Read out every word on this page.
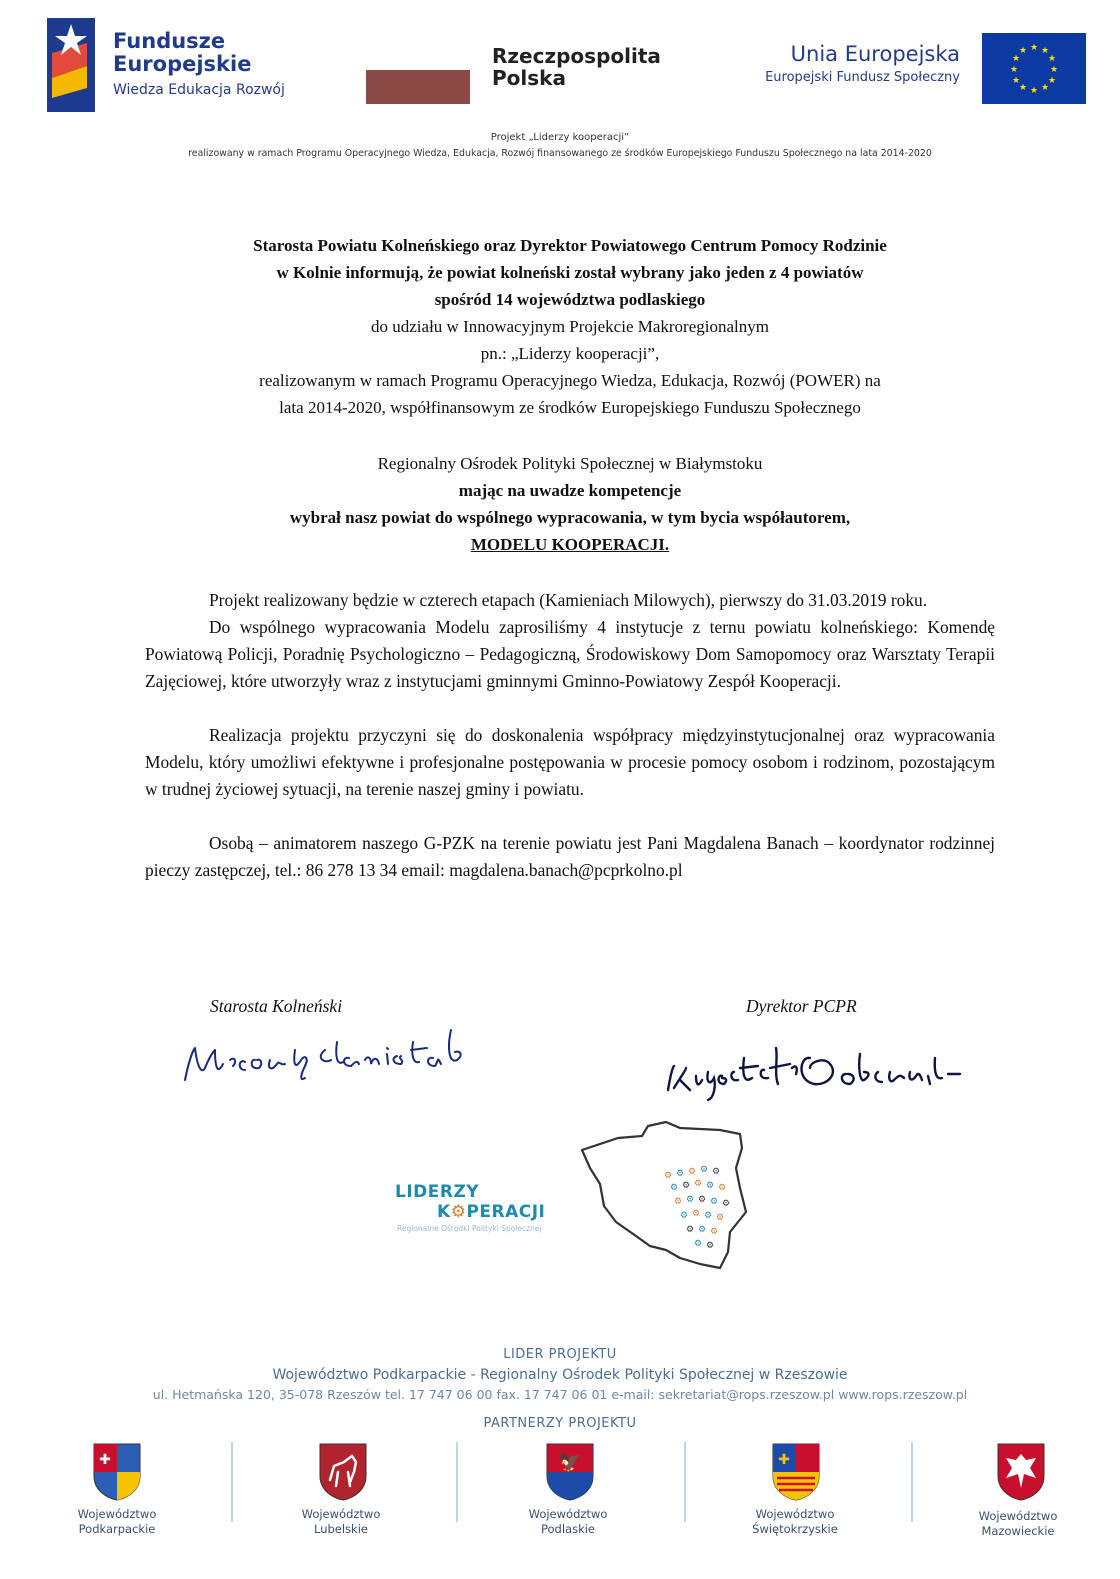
Fundusze
Europejskie
Wiedza Edukacja Rozwój
Rzeczpospolita
Polska
Unia Europejska
Europejski Fundusz Społeczny
★ ★
★
★
★
★
★
★
★
★
★
★
Projekt „Liderzy kooperacji”
realizowany w ramach Programu Operacyjnego Wiedza, Edukacja, Rozwój finansowanego ze środków Europejskiego Funduszu Społecznego na lata 2014-2020
Starosta Powiatu Kolneńskiego oraz Dyrektor Powiatowego Centrum Pomocy Rodzinie
w Kolnie informują, że powiat kolneński został wybrany jako jeden z 4 powiatów
spośród 14 województwa podlaskiego
do udziału w Innowacyjnym Projekcie Makroregionalnym
pn.: „Liderzy kooperacji”,
realizowanym w ramach Programu Operacyjnego Wiedza, Edukacja, Rozwój (POWER) na
lata 2014-2020, współfinansowym ze środków Europejskiego Funduszu Społecznego
Regionalny Ośrodek Polityki Społecznej w Białymstoku
mając na uwadze kompetencje
wybrał nasz powiat do wspólnego wypracowania, w tym bycia współautorem,
MODELU KOOPERACJI.

Projekt realizowany będzie w czterech etapach (Kamieniach Milowych), pierwszy do 31.03.2019 roku.

Do wspólnego wypracowania Modelu zaprosiliśmy 4 instytucje z ternu powiatu kolneńskiego: Komendę Powiatową Policji, Poradnię Psychologiczno – Pedagogiczną, Środowiskowy Dom Samopomocy oraz Warsztaty Terapii Zajęciowej, które utworzyły wraz z instytucjami gminnymi Gminno-Powiatowy Zespół Kooperacji.

Realizacja projektu przyczyni się do doskonalenia współpracy międzyinstytucjonalnej oraz wypracowania Modelu, który umożliwi efektywne i profesjonalne postępowania w procesie pomocy osobom i rodzinom, pozostającym w trudnej życiowej sytuacji, na terenie naszej gminy i powiatu.

Osobą – animatorem naszego G-PZK na terenie powiatu jest Pani Magdalena Banach – koordynator rodzinnej pieczy zastępczej, tel.: 86 278 13 34 email: magdalena.banach@pcprkolno.pl

Starosta Kolneński	Dyrektor PCPR
LIDERZY
K⚙PERACJI
Regionalne Ośrodki Polityki Społecznej
⚙ ⚙ ⚙ ⚙ ⚙
⚙ ⚙ ⚙ ⚙ ⚙
⚙ ⚙ ⚙ ⚙ ⚙
⚙ ⚙ ⚙ ⚙
⚙ ⚙ ⚙
⚙ ⚙
LIDER PROJEKTU
Województwo Podkarpackie - Regionalny Ośrodek Polityki Społecznej w Rzeszowie
ul. Hetmańska 120, 35-078 Rzeszów tel. 17 747 06 00 fax. 17 747 06 01 e-mail: sekretariat@rops.rzeszow.pl www.rops.rzeszow.pl
PARTNERZY PROJEKTU
✚	🦅	✚
Województwo
Podkarpackie
Województwo
Lubelskie
Województwo
Podlaskie
Województwo
Świętokrzyskie
Województwo
Mazowieckie
